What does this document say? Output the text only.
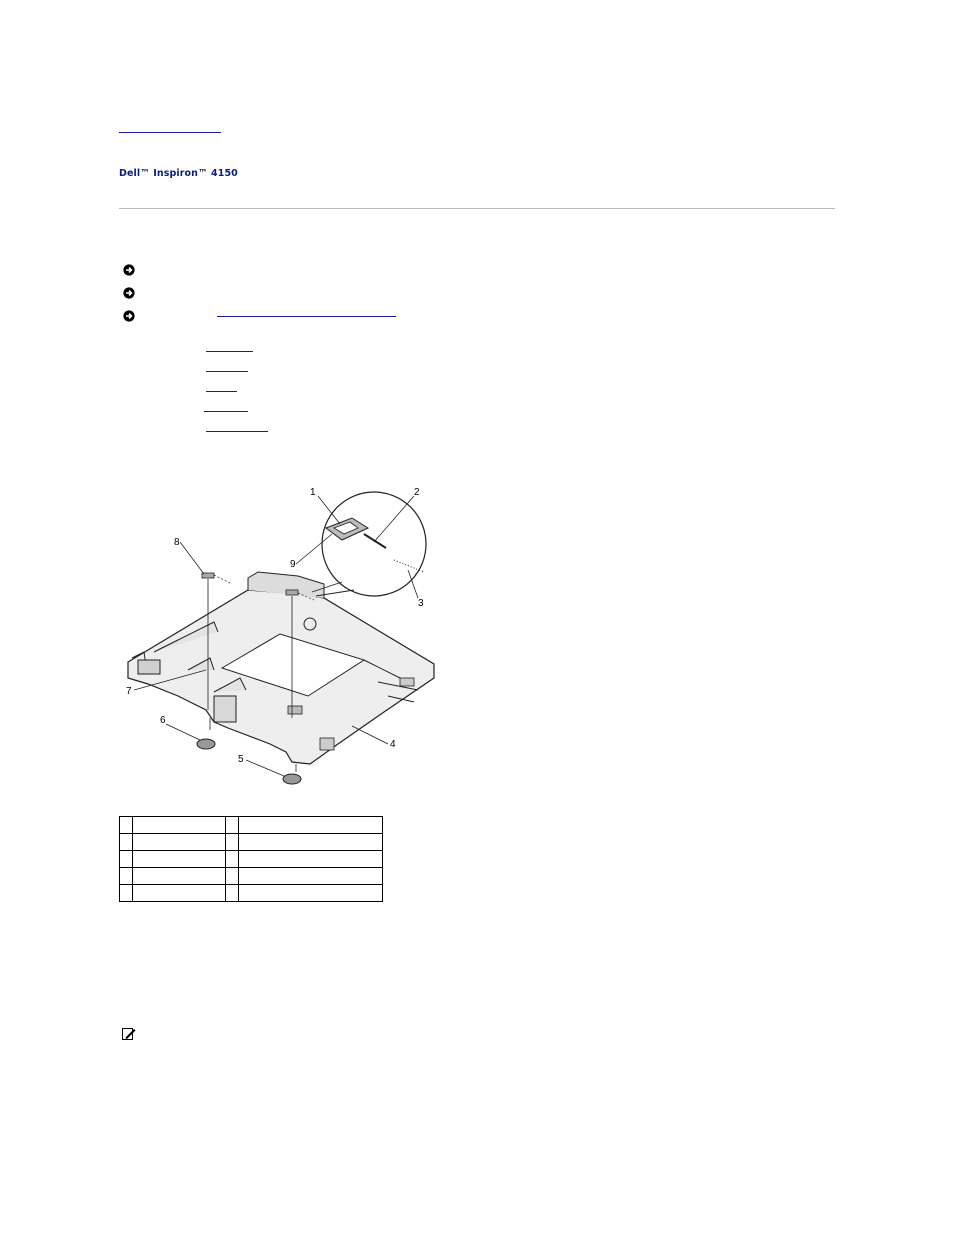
Dell™ Inspiron™ 4150
1	2
3
4
5
6
7
8
9
